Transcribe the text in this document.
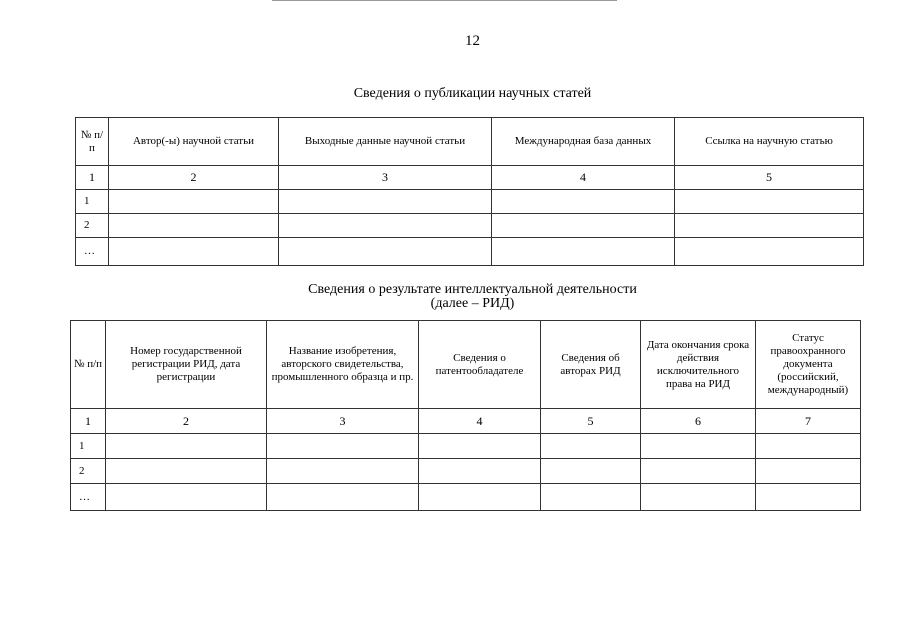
12
Сведения о публикации научных статей
№ п/п	Автор(-ы) научной статьи	Выходные данные научной статьи	Международная база данных	Ссылка на научную статью
1	2	3	4	5
1				
2				
…				
Сведения о результате интеллектуальной деятельности
(далее – РИД)
№ п/п	Номер государственной регистрации РИД, дата регистрации	Название изобретения, авторского свидетельства, промышленного образца и пр.	Сведения о патентообладателе	Сведения об авторах РИД	Дата окончания срока действия исключительного права на РИД	Статус правоохранного документа (российский, международный)
1	2	3	4	5	6	7
1						
2						
…						
